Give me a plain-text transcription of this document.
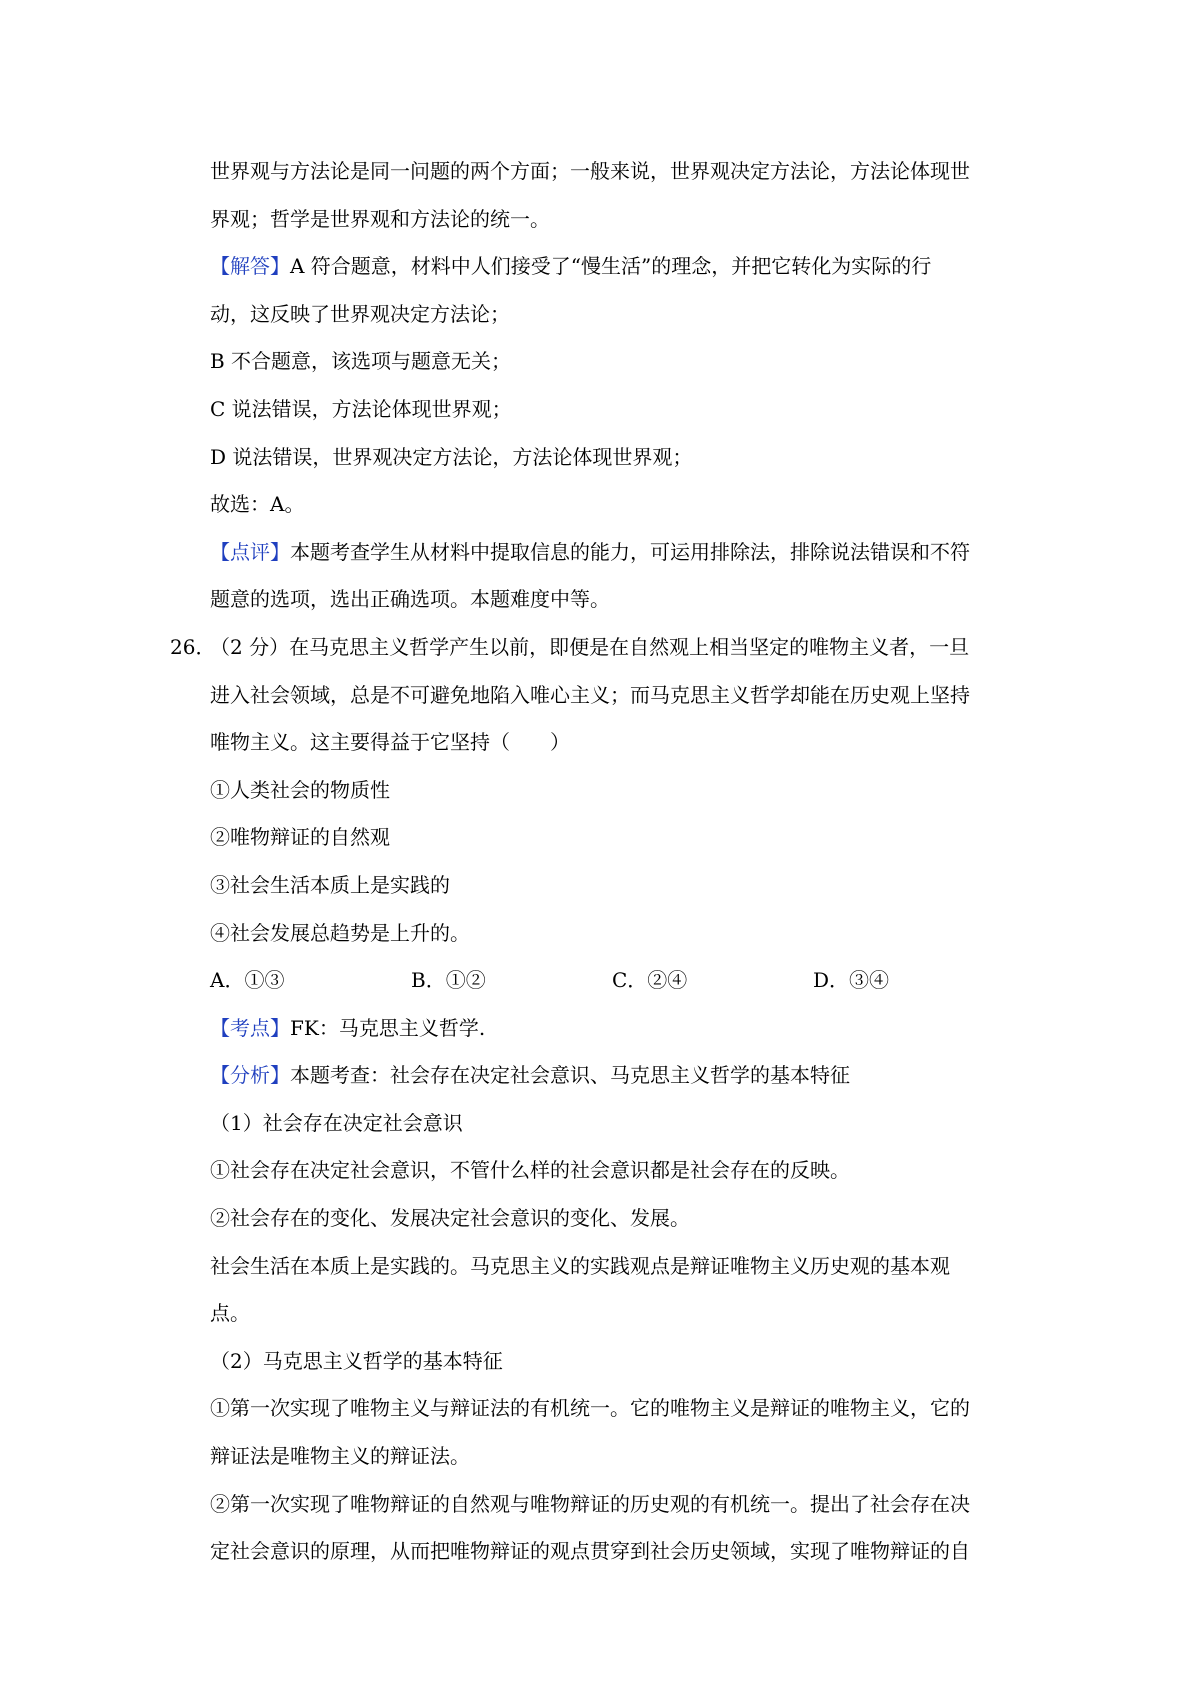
世界观与方法论是同一问题的两个方面；一般来说，世界观决定方法论，方法论体现世
界观；哲学是世界观和方法论的统一。
【解答】A 符合题意，材料中人们接受了“慢生活”的理念，并把它转化为实际的行
动，这反映了世界观决定方法论；
B 不合题意，该选项与题意无关；
C 说法错误，方法论体现世界观；
D 说法错误，世界观决定方法论，方法论体现世界观；
故选：A。
【点评】本题考查学生从材料中提取信息的能力，可运用排除法，排除说法错误和不符
题意的选项，选出正确选项。本题难度中等。
26．
（2 分）在马克思主义哲学产生以前，即便是在自然观上相当坚定的唯物主义者，一旦
进入社会领域，总是不可避免地陷入唯心主义；而马克思主义哲学却能在历史观上坚持
唯物主义。这主要得益于它坚持（　　）
①人类社会的物质性
②唯物辩证的自然观
③社会生活本质上是实践的
④社会发展总趋势是上升的。
A．①③	B．①②	C．②④	D．③④
【考点】FK：马克思主义哲学.
【分析】本题考查：社会存在决定社会意识、马克思主义哲学的基本特征
（1）社会存在决定社会意识
①社会存在决定社会意识，不管什么样的社会意识都是社会存在的反映。
②社会存在的变化、发展决定社会意识的变化、发展。
社会生活在本质上是实践的。马克思主义的实践观点是辩证唯物主义历史观的基本观
点。
（2）马克思主义哲学的基本特征
①第一次实现了唯物主义与辩证法的有机统一。它的唯物主义是辩证的唯物主义，它的
辩证法是唯物主义的辩证法。
②第一次实现了唯物辩证的自然观与唯物辩证的历史观的有机统一。提出了社会存在决
定社会意识的原理，从而把唯物辩证的观点贯穿到社会历史领域，实现了唯物辩证的自
